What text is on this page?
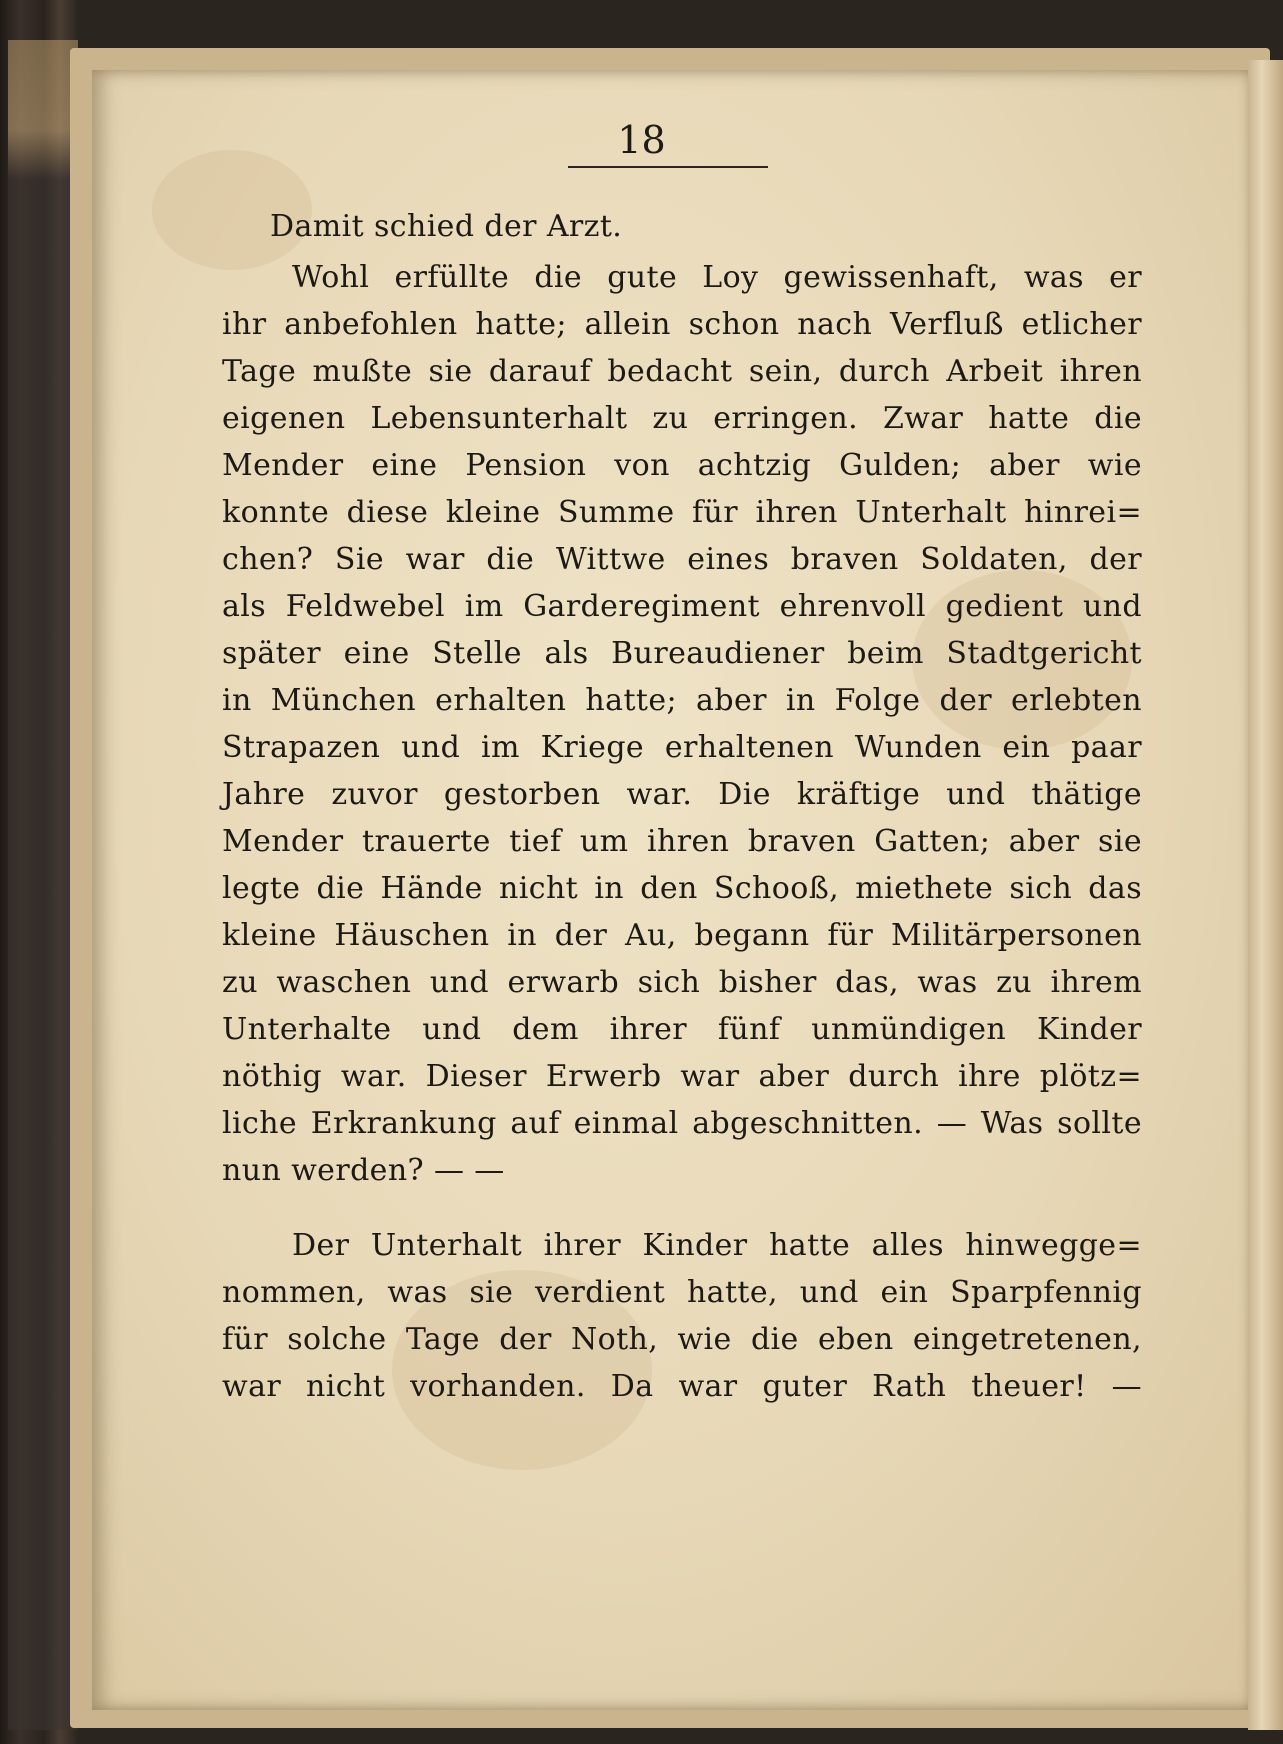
18
Damit schied der Arzt.
Wohl erfüllte die gute Loy gewissenhaft, was er
ihr anbefohlen hatte; allein schon nach Verfluß etlicher
Tage mußte sie darauf bedacht sein, durch Arbeit ihren
eigenen Lebensunterhalt zu erringen. Zwar hatte die
Mender eine Pension von achtzig Gulden; aber wie
konnte diese kleine Summe für ihren Unterhalt hinrei=
chen? Sie war die Wittwe eines braven Soldaten, der
als Feldwebel im Garderegiment ehrenvoll gedient und
später eine Stelle als Bureaudiener beim Stadtgericht
in München erhalten hatte; aber in Folge der erlebten
Strapazen und im Kriege erhaltenen Wunden ein paar
Jahre zuvor gestorben war. Die kräftige und thätige
Mender trauerte tief um ihren braven Gatten; aber sie
legte die Hände nicht in den Schooß, miethete sich das
kleine Häuschen in der Au, begann für Militärpersonen
zu waschen und erwarb sich bisher das, was zu ihrem
Unterhalte und dem ihrer fünf unmündigen Kinder
nöthig war. Dieser Erwerb war aber durch ihre plötz=
liche Erkrankung auf einmal abgeschnitten. — Was sollte
nun werden? — —
Der Unterhalt ihrer Kinder hatte alles hinwegge=
nommen, was sie verdient hatte, und ein Sparpfennig
für solche Tage der Noth, wie die eben eingetretenen,
war nicht vorhanden. Da war guter Rath theuer! —
